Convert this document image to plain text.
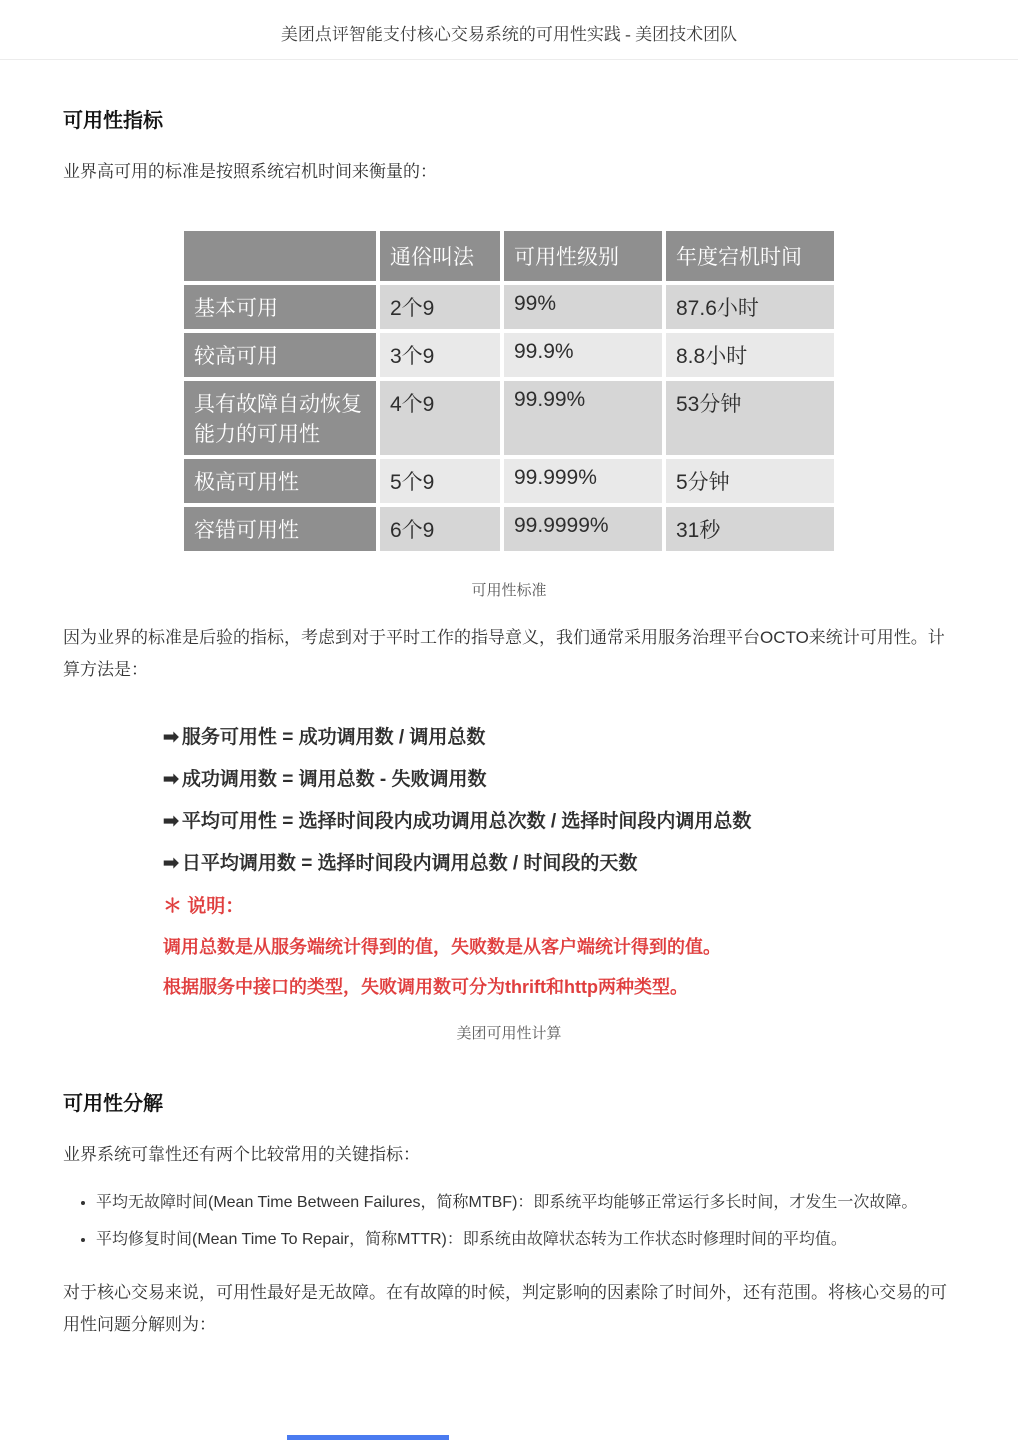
美团点评智能支付核心交易系统的可用性实践 - 美团技术团队
可用性指标

业界高可用的标准是按照系统宕机时间来衡量的：

	通俗叫法	可用性级别	年度宕机时间
基本可用	2个9	99%	87.6小时
较高可用	3个9	99.9%	8.8小时
具有故障自动恢复能力的可用性	4个9	99.99%	53分钟
极高可用性	5个9	99.999%	5分钟
容错可用性	6个9	99.9999%	31秒
可用性标准

因为业界的标准是后验的指标，考虑到对于平时工作的指导意义，我们通常采用服务治理平台OCTO来统计可用性。计算方法是：

➡ 服务可用性 = 成功调用数 / 调用总数
➡ 成功调用数 = 调用总数 - 失败调用数
➡ 平均可用性 = 选择时间段内成功调用总次数 / 选择时间段内调用总数
➡ 日平均调用数 = 选择时间段内调用总数 / 时间段的天数
＊ 说明：
调用总数是从服务端统计得到的值，失败数是从客户端统计得到的值。
根据服务中接口的类型，失败调用数可分为thrift和http两种类型。
美团可用性计算
可用性分解

业界系统可靠性还有两个比较常用的关键指标：

• 平均无故障时间(Mean Time Between Failures，简称MTBF)：即系统平均能够正常运行多长时间，才发生一次故障。
• 平均修复时间(Mean Time To Repair，简称MTTR)：即系统由故障状态转为工作状态时修理时间的平均值。

对于核心交易来说，可用性最好是无故障。在有故障的时候，判定影响的因素除了时间外，还有范围。将核心交易的可用性问题分解则为：
